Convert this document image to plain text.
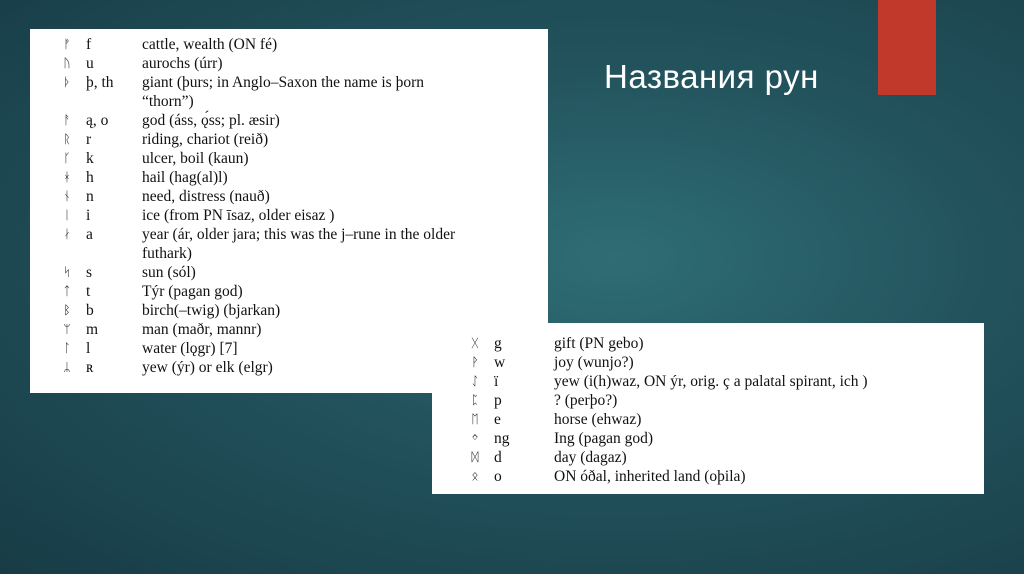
Названия рун
ᚠ f	cattle, wealth (ON fé)
ᚢ u	aurochs (úrr)
ᚦ þ, th	giant (þurs; in Anglo–Saxon the name is þorn
“thorn”)
ᚨ ą, o	god (áss, ǫ́ss; pl. æsir)
ᚱ r	riding, chariot (reið)
ᚴ k	ulcer, boil (kaun)
ᚼ h	hail (hag(al)l)
ᚾ n	need, distress (nauð)
ᛁ i	ice (from PN īsaz, older eisaz )
ᛅ a	year (ár, older jara; this was the j–rune in the older
futhark)
ᛋ s	sun (sól)
ᛏ t	Týr (pagan god)
ᛒ b	birch(–twig) (bjarkan)
ᛘ m	man (maðr, mannr)
ᛚ l	water (lǫgr) [7]
ᛦ ʀ	yew (ýr) or elk (elgr)
ᚷ g	gift (PN gebo)
ᚹ w	joy (wunjo?)
ᛇ ï	yew (i(h)waz, ON ýr, orig. ç a palatal spirant, ich )
ᛈ p	? (perþo?)
ᛖ e	horse (ehwaz)
ᛜ ng	Ing (pagan god)
ᛞ d	day (dagaz)
ᛟ o	ON óðal, inherited land (oþila)
